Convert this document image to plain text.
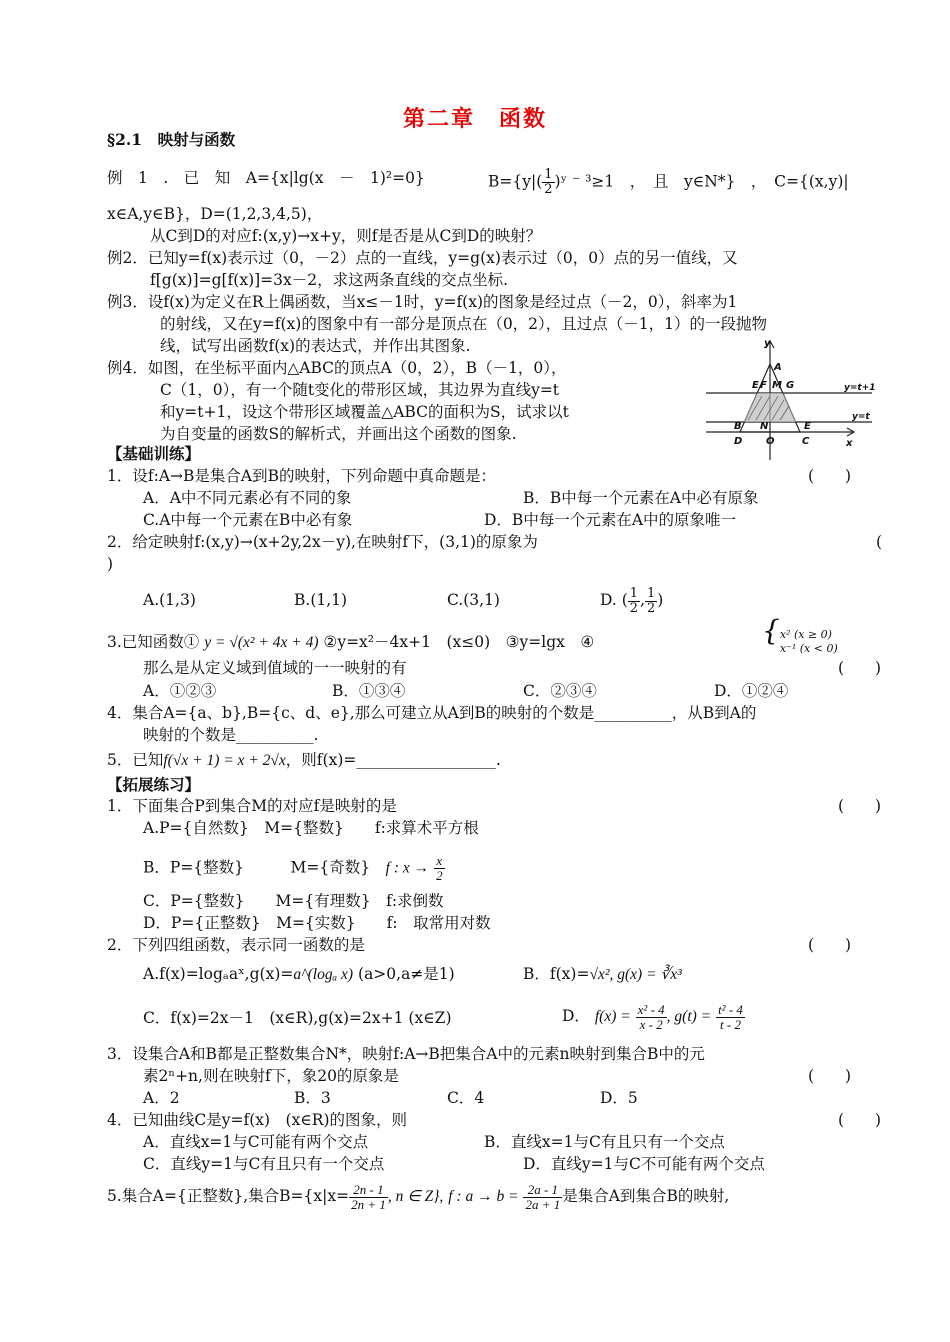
第二章　函数
§2.1　映射与函数
例　1　.　已　知　A={x|lg(x　－　1)²=0}	$B=\{y|( \frac{1}{2}$ )ʸ ⁻ ³≥1　，　且　y∈N*}　，　C={(x,y)|
x∈A,y∈B}，D=(1,2,3,4,5)，
从C到D的对应f:(x,y)→x+y，则f是否是从C到D的映射？
例2．已知y=f(x)表示过（0，－2）点的一直线，y=g(x)表示过（0，0）点的另一值线，又
f[g(x)]=g[f(x)]=3x－2，求这两条直线的交点坐标.
例3．设f(x)为定义在R上偶函数，当x≤－1时，y=f(x)的图象是经过点（－2，0），斜率为1
的射线，又在y=f(x)的图象中有一部分是顶点在（0，2），且过点（－1，1）的一段抛物
线，试写出函数f(x)的表达式，并作出其图象.
例4．如图，在坐标平面内△ABC的顶点A（0，2），B（－1，0），
C（1，0），有一个随t变化的带形区域，其边界为直线y=t
和y=t+1，设这个带形区域覆盖△ABC的面积为S，试求以t
为自变量的函数S的解析式，并画出这个函数的图象.
y
A
E F M G	y=t+1
y=t
B
D
N
O
E
C	x
【基础训练】
1．设f:A→B是集合A到B的映射，下列命题中真命题是：	(　　)
A．A中不同元素必有不同的象	B．B中每一个元素在A中必有原象
C.A中每一个元素在B中必有象	D．B中每一个元素在A中的原象唯一
2．给定映射f:(x,y)→(x+2y,2x－y),在映射f下，(3,1)的原象为	(
)
A.(1,3)	B.(1,1)	C.(3,1)	D. ( $\frac{1}{2}$ , $\frac{1}{2}$ )
3.已知函数① y = √(x² + 4x + 4) ②y=x²－4x+1　(x≤0)　③y=lgx　④	{ x² (x ≥ 0)
x⁻¹ (x < 0)
那么是从定义域到值域的一一映射的有	(　　)
A．①②③	B．①③④	C．②③④	D．①②④
4．集合A={a、b},B={c、d、e},那么可建立从A到B的映射的个数是__________，从B到A的
映射的个数是__________.
5．已知f(√x + 1) = x + 2√x，则f(x)=__________________.
【拓展练习】
1．下面集合P到集合M的对应f是映射的是	(　　)
A.P={自然数}　M={整数}　　f:求算术平方根
B．P={整数}　　　M={奇数}　 f : $x \to \frac{x}{2}$
C．P={整数}　　M={有理数}　f:求倒数
D．P={正整数}　M={实数}　　f:　取常用对数
2．下列四组函数，表示同一函数的是	(　　)
A.f(x)=logₐaˣ,g(x)=a^(logₐ x) (a>0,a≠是1)	B．f(x)=√x², g(x) = ∛x³
C．f(x)=2x－1　(x∈R),g(x)=2x+1 (x∈Z)	D． $f(x) = \frac{\text{x² - 4}}{x - 2}$ , $g(t) = \frac{\text{t² - 4}}{t - 2}$
3．设集合A和B都是正整数集合N*，映射f:A→B把集合A中的元素n映射到集合B中的元
素2ⁿ+n,则在映射f下，象20的原象是	(　　)
A．2	B．3	C．4	D．5
4．已知曲线C是y=f(x)　(x∈R)的图象，则	(　　)
A．直线x=1与C可能有两个交点	B．直线x=1与C有且只有一个交点
C．直线y=1与C有且只有一个交点	D．直线y=1与C不可能有两个交点
5.集合A={正整数},集合$B=\{x|x= \frac{2n - 1}{2n + 1}$ , n ∈ Z}, f : $a \to b = \frac{2a - 1}{2a + 1}$ 是集合A到集合B的映射,
